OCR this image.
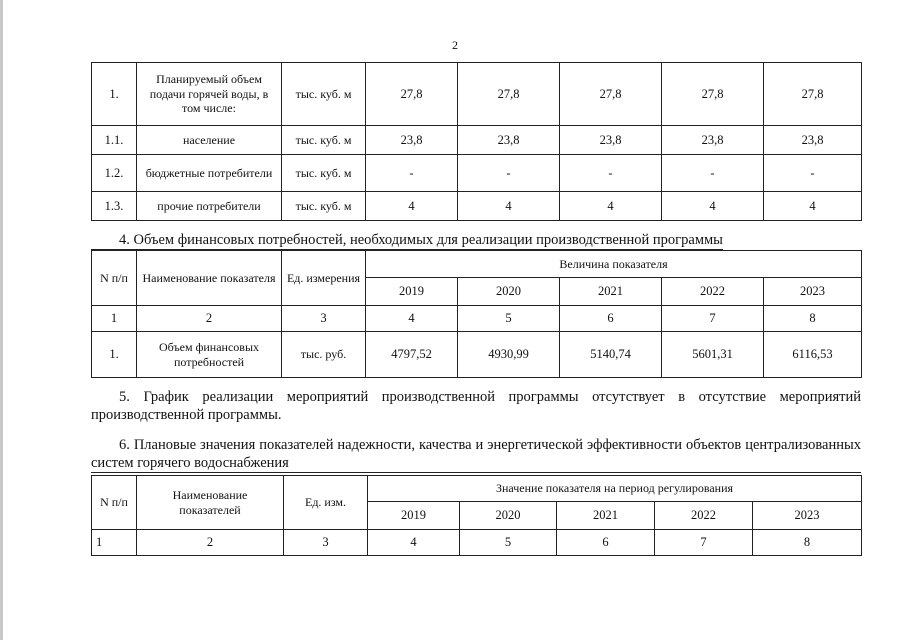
2
1.	Планируемый объем подачи горячей воды, в том числе:	тыс. куб. м	27,8	27,8	27,8	27,8	27,8
1.1.	население	тыс. куб. м	23,8	23,8	23,8	23,8	23,8
1.2.	бюджетные потребители	тыс. куб. м	-	-	-	-	-
1.3.	прочие потребители	тыс. куб. м	4	4	4	4	4
4. Объем финансовых потребностей, необходимых для реализации производственной программы
N п/п	Наименование показателя	Ед. измерения	Величина показателя				
			2019	2020	2021	2022	2023
1	2	3	4	5	6	7	8
1.	Объем финансовых потребностей	тыс. руб.	4797,52	4930,99	5140,74	5601,31	6116,53
5. График реализации мероприятий производственной программы отсутствует в отсутствие мероприятий производственной программы.
6. Плановые значения показателей надежности, качества и энергетической эффективности объектов централизованных систем горячего водоснабжения
N п/п	Наименование показателей	Ед. изм.	Значение показателя на период регулирования				
			2019	2020	2021	2022	2023
1	2	3	4	5	6	7	8
